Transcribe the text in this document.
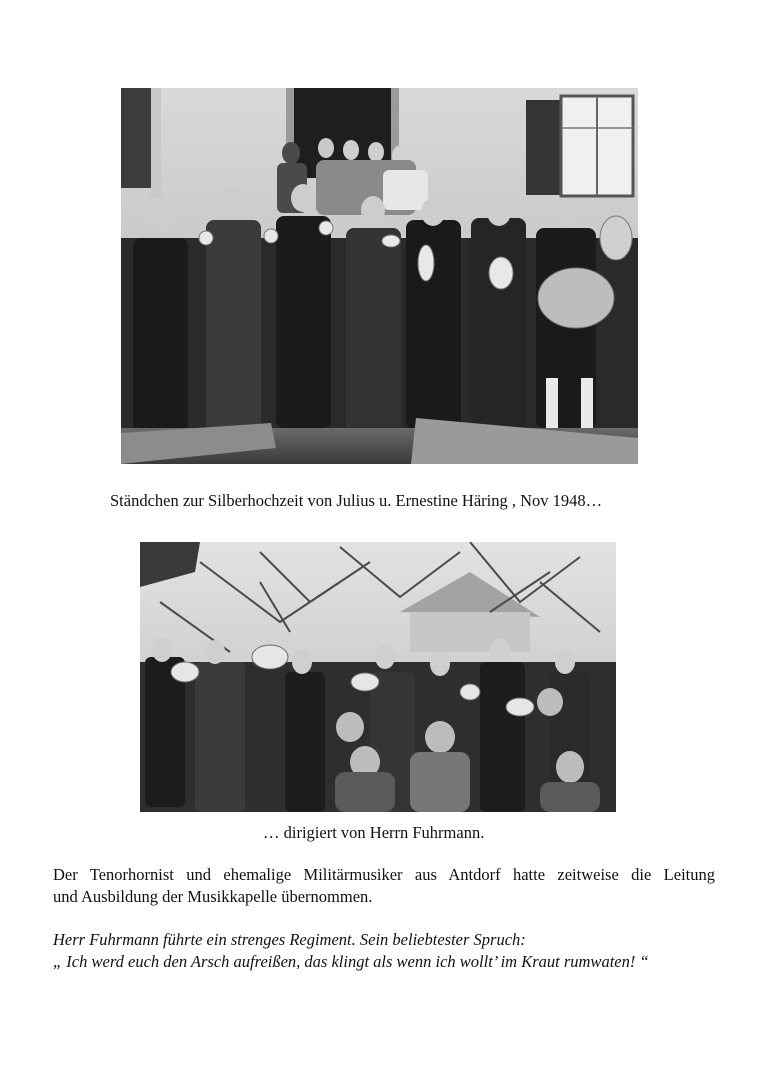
Ständchen zur Silberhochzeit von Julius u. Ernestine Häring , Nov 1948…
… dirigiert von Herrn Fuhrmann.
Der Tenorhornist und ehemalige Militärmusiker aus Antdorf hatte zeitweise die Leitung
und Ausbildung der Musikkapelle übernommen.
Herr Fuhrmann führte ein strenges Regiment. Sein beliebtester Spruch:
„ Ich werd euch den Arsch aufreißen, das klingt als wenn ich wollt’ im Kraut rumwaten! “
